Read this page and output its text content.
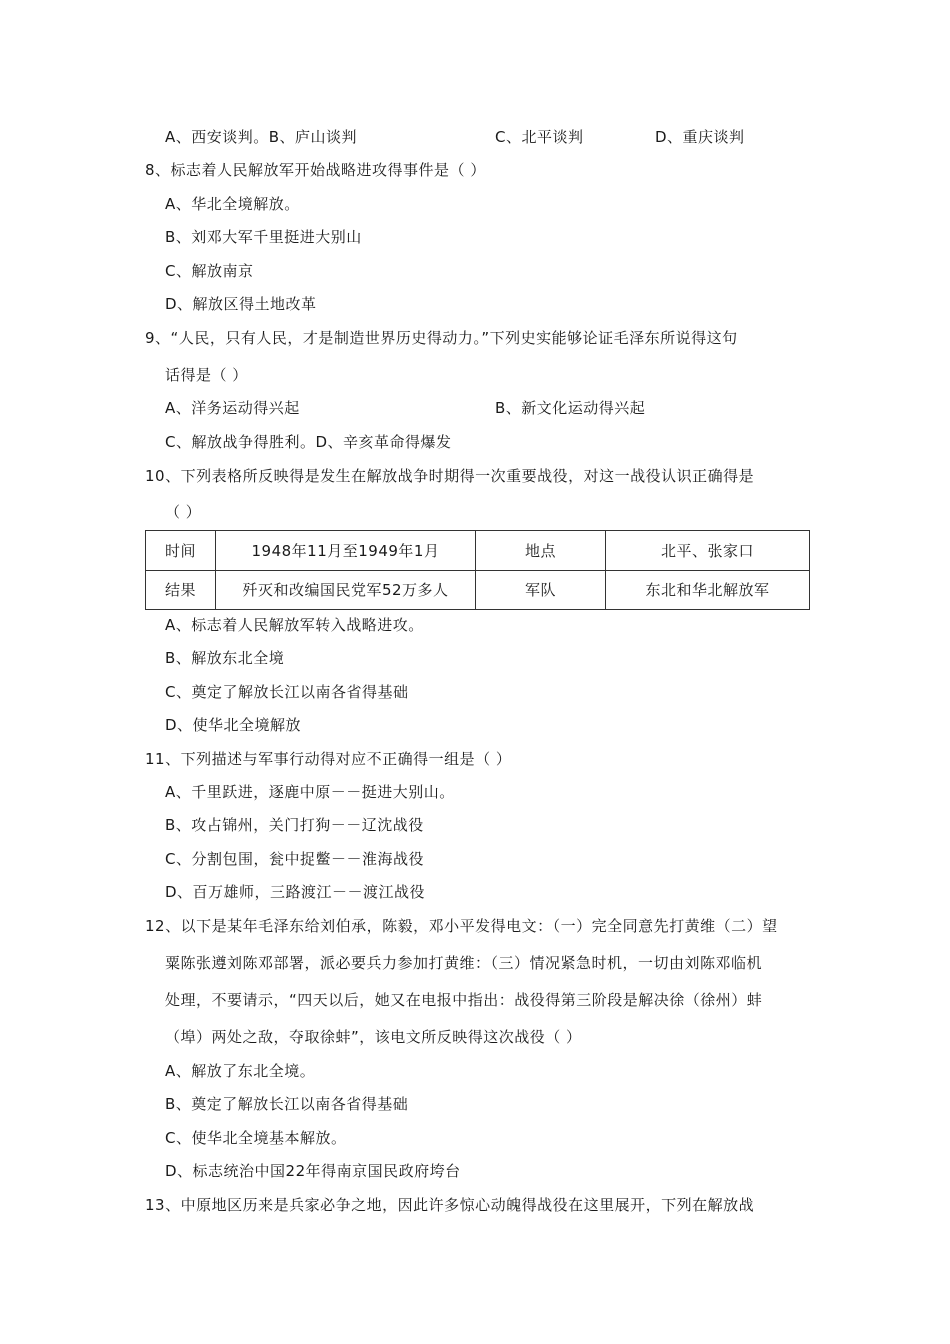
A、西安谈判。B、庐山谈判	C、北平谈判	D、重庆谈判
8、标志着人民解放军开始战略进攻得事件是（ ）
A、华北全境解放。
B、刘邓大军千里挺进大别山
C、解放南京
D、解放区得土地改革
9、“人民，只有人民，才是制造世界历史得动力。”下列史实能够论证毛泽东所说得这句
话得是（ ）
A、洋务运动得兴起	B、新文化运动得兴起
C、解放战争得胜利。D、辛亥革命得爆发
10、下列表格所反映得是发生在解放战争时期得一次重要战役，对这一战役认识正确得是
（ ）
时间	1948年11月至1949年1月	地点	北平、张家口
结果	歼灭和改编国民党军52万多人	军队	东北和华北解放军
A、标志着人民解放军转入战略进攻。
B、解放东北全境
C、奠定了解放长江以南各省得基础
D、使华北全境解放
11、下列描述与军事行动得对应不正确得一组是（ ）
A、千里跃进，逐鹿中原－－挺进大别山。
B、攻占锦州，关门打狗－－辽沈战役
C、分割包围，瓮中捉鳖－－淮海战役
D、百万雄师，三路渡江－－渡江战役
12、以下是某年毛泽东给刘伯承，陈毅，邓小平发得电文：（一）完全同意先打黄维（二）望
粟陈张遵刘陈邓部署，派必要兵力参加打黄维：（三）情况紧急时机，一切由刘陈邓临机
处理，不要请示，“四天以后，她又在电报中指出：战役得第三阶段是解决徐（徐州）蚌
（埠）两处之敌，夺取徐蚌”，该电文所反映得这次战役（ ）
A、解放了东北全境。
B、奠定了解放长江以南各省得基础
C、使华北全境基本解放。
D、标志统治中国22年得南京国民政府垮台
13、中原地区历来是兵家必争之地，因此许多惊心动魄得战役在这里展开，下列在解放战
